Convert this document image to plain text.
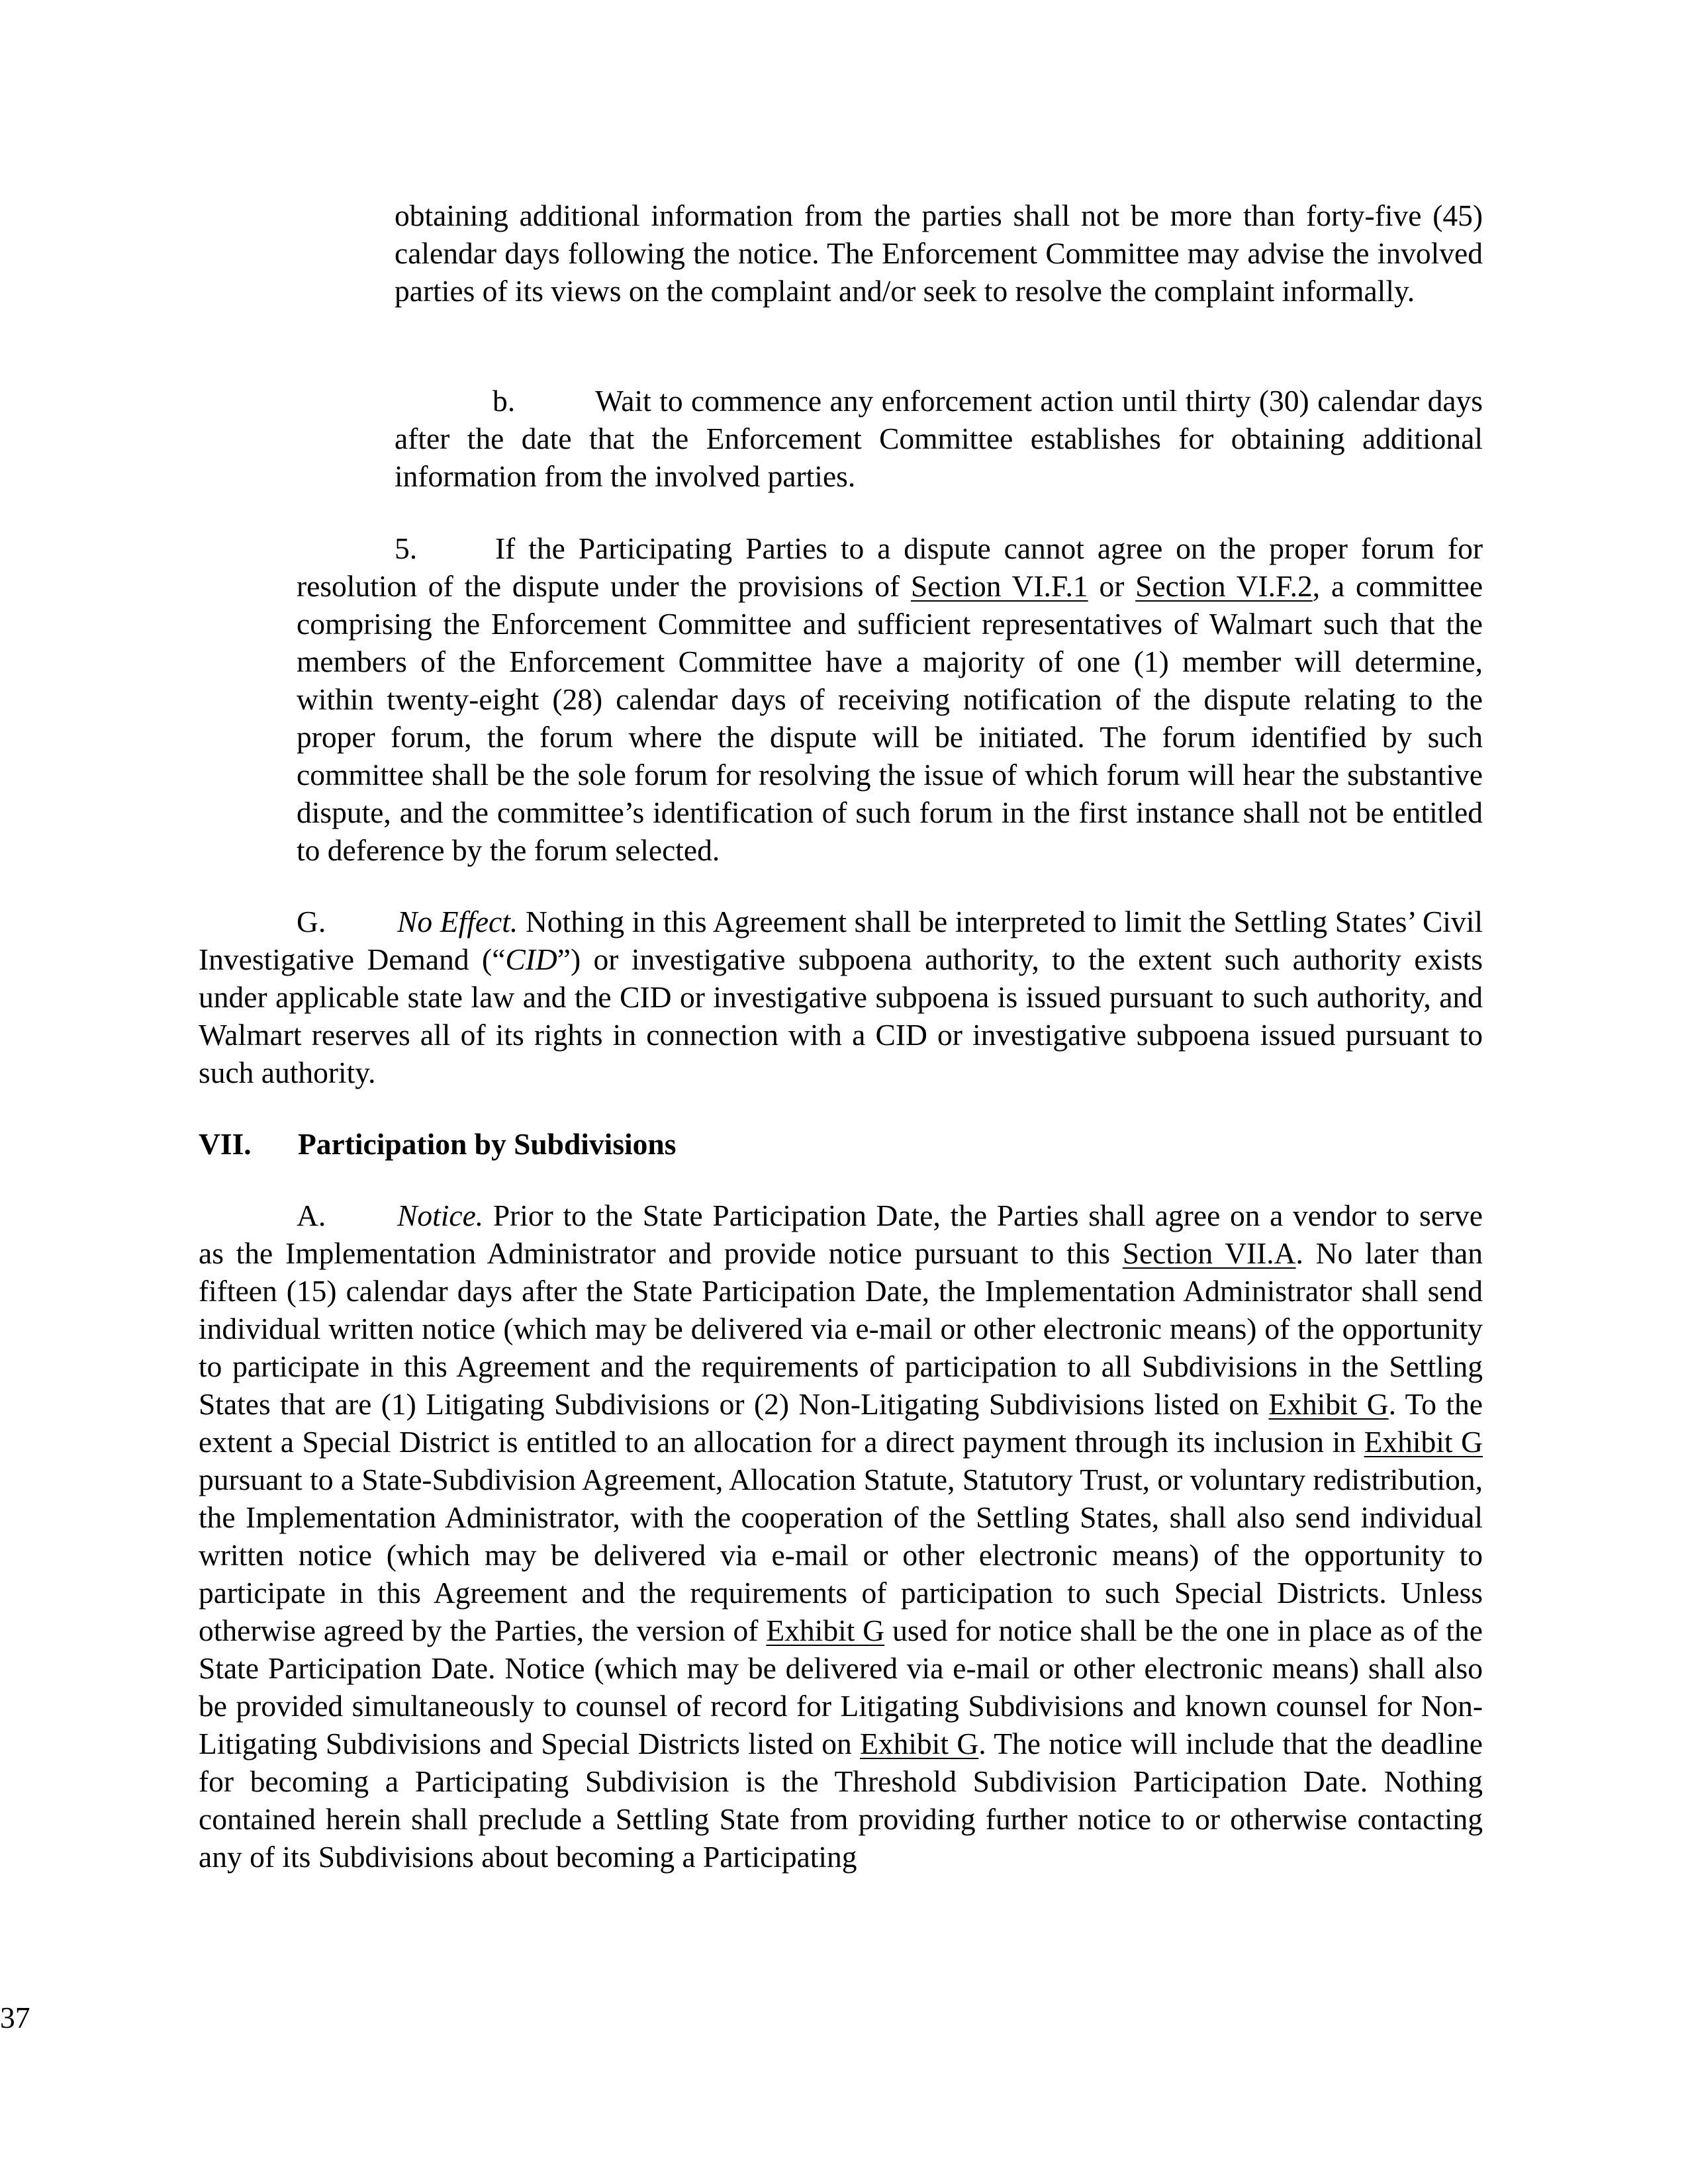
obtaining additional information from the parties shall not be more than forty-five (45) calendar days following the notice. The Enforcement Committee may advise the involved parties of its views on the complaint and/or seek to resolve the complaint informally.

b.	Wait to commence any enforcement action until thirty (30) calendar days after the date that the Enforcement Committee establishes for obtaining additional information from the involved parties.

5.	If the Participating Parties to a dispute cannot agree on the proper forum for resolution of the dispute under the provisions of Section VI.F.1 or Section VI.F.2, a committee comprising the Enforcement Committee and sufficient representatives of Walmart such that the members of the Enforcement Committee have a majority of one (1) member will determine, within twenty-eight (28) calendar days of receiving notification of the dispute relating to the proper forum, the forum where the dispute will be initiated. The forum identified by such committee shall be the sole forum for resolving the issue of which forum will hear the substantive dispute, and the committee’s identification of such forum in the first instance shall not be entitled to deference by the forum selected.

G. No Effect. Nothing in this Agreement shall be interpreted to limit the Settling States’ Civil Investigative Demand (“CID”) or investigative subpoena authority, to the extent such authority exists under applicable state law and the CID or investigative subpoena is issued pursuant to such authority, and Walmart reserves all of its rights in connection with a CID or investigative subpoena issued pursuant to such authority.

VII. Participation by Subdivisions

A. Notice. Prior to the State Participation Date, the Parties shall agree on a vendor to serve as the Implementation Administrator and provide notice pursuant to this Section VII.A. No later than fifteen (15) calendar days after the State Participation Date, the Implementation Administrator shall send individual written notice (which may be delivered via e-mail or other electronic means) of the opportunity to participate in this Agreement and the requirements of participation to all Subdivisions in the Settling States that are (1) Litigating Subdivisions or (2) Non-Litigating Subdivisions listed on Exhibit G. To the extent a Special District is entitled to an allocation for a direct payment through its inclusion in Exhibit G pursuant to a State-Subdivision Agreement, Allocation Statute, Statutory Trust, or voluntary redistribution, the Implementation Administrator, with the cooperation of the Settling States, shall also send individual written notice (which may be delivered via e-mail or other electronic means) of the opportunity to participate in this Agreement and the requirements of participation to such Special Districts. Unless otherwise agreed by the Parties, the version of Exhibit G used for notice shall be the one in place as of the State Participation Date. Notice (which may be delivered via e-mail or other electronic means) shall also be provided simultaneously to counsel of record for Litigating Subdivisions and known counsel for Non-Litigating Subdivisions and Special Districts listed on Exhibit G. The notice will include that the deadline for becoming a Participating Subdivision is the Threshold Subdivision Participation Date. Nothing contained herein shall preclude a Settling State from providing further notice to or otherwise contacting any of its Subdivisions about becoming a Participating

37
